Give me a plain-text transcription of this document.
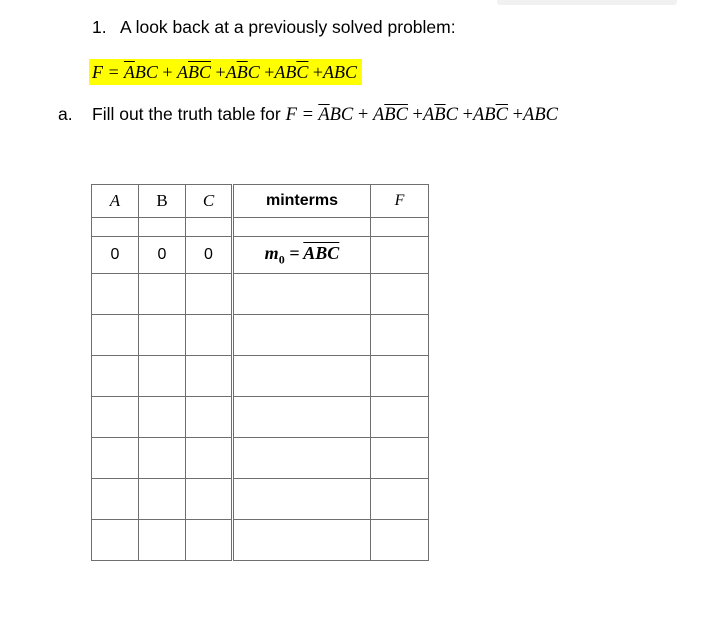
1. A look back at a previously solved problem:
$F = \overline{A}BC + A\overline{BC} +A\overline{B}C +AB\overline{C} +ABC$
a. Fill out the truth table for $F = \overline{A}BC + A\overline{BC} +A\overline{B}C +AB\overline{C} +ABC$
A	B	C	minterms	F

0	0	0	$m_0 = \overline{ABC}$	
